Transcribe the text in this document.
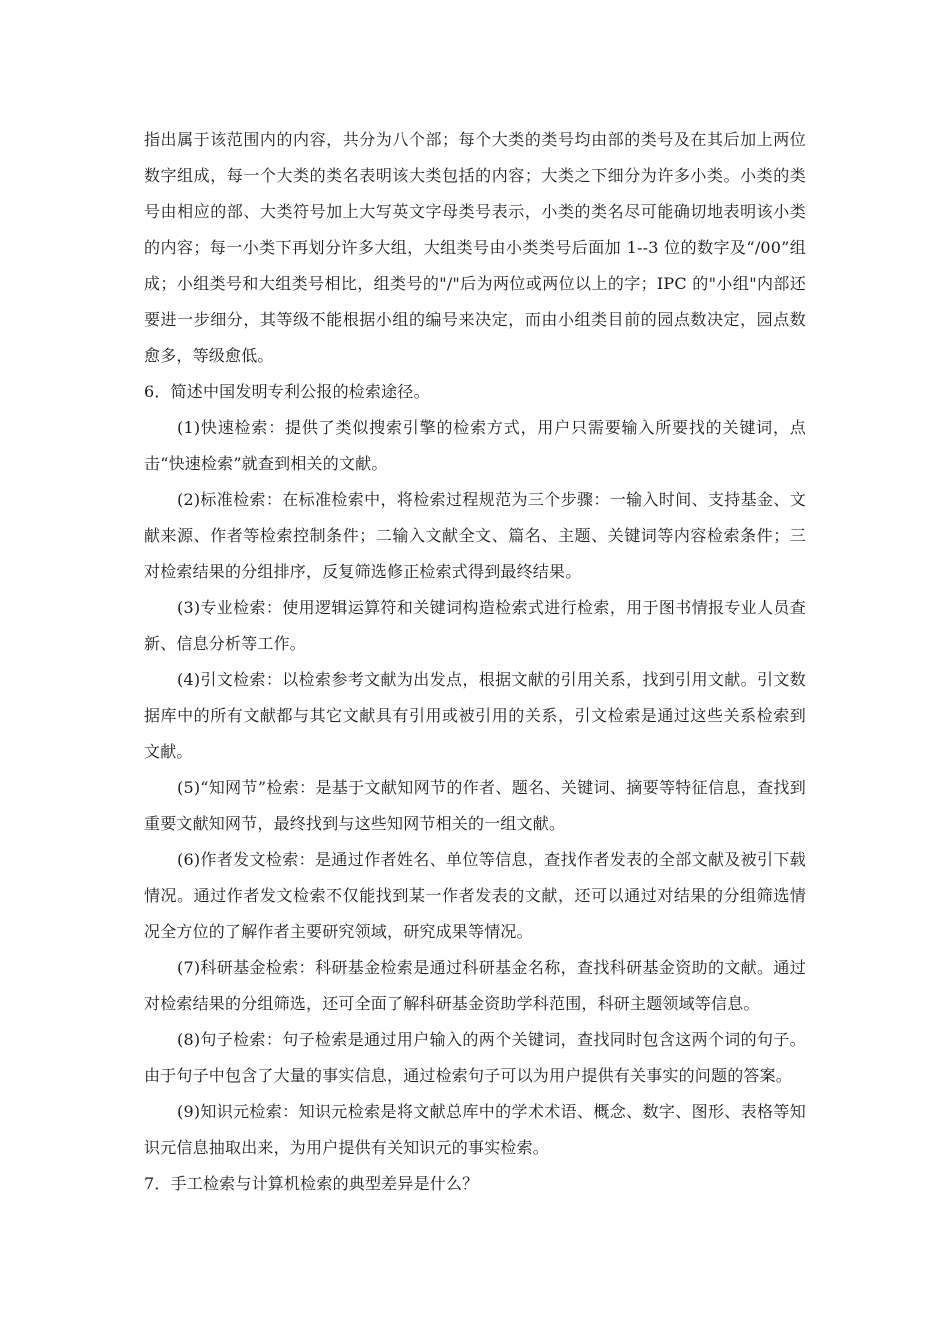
指出属于该范围内的内容，共分为八个部；每个大类的类号均由部的类号及在其后加上两位数字组成，每一个大类的类名表明该大类包括的内容；大类之下细分为许多小类。小类的类号由相应的部、大类符号加上大写英文字母类号表示，小类的类名尽可能确切地表明该小类的内容；每一小类下再划分许多大组，大组类号由小类类号后面加 1--3 位的数字及“/00”组成；小组类号和大组类号相比，组类号的"/"后为两位或两位以上的字；IPC 的"小组"内部还要进一步细分，其等级不能根据小组的编号来决定，而由小组类目前的园点数决定，园点数愈多，等级愈低。

6．简述中国发明专利公报的检索途径。

(1)快速检索：提供了类似搜索引擎的检索方式，用户只需要输入所要找的关键词，点击“快速检索”就查到相关的文献。

(2)标准检索：在标准检索中，将检索过程规范为三个步骤：一输入时间、支持基金、文献来源、作者等检索控制条件；二输入文献全文、篇名、主题、关键词等内容检索条件；三对检索结果的分组排序，反复筛选修正检索式得到最终结果。

(3)专业检索：使用逻辑运算符和关键词构造检索式进行检索，用于图书情报专业人员查新、信息分析等工作。

(4)引文检索：以检索参考文献为出发点，根据文献的引用关系，找到引用文献。引文数据库中的所有文献都与其它文献具有引用或被引用的关系，引文检索是通过这些关系检索到文献。

(5)“知网节”检索：是基于文献知网节的作者、题名、关键词、摘要等特征信息，查找到重要文献知网节，最终找到与这些知网节相关的一组文献。

(6)作者发文检索：是通过作者姓名、单位等信息，查找作者发表的全部文献及被引下载情况。通过作者发文检索不仅能找到某一作者发表的文献，还可以通过对结果的分组筛选情况全方位的了解作者主要研究领域，研究成果等情况。

(7)科研基金检索：科研基金检索是通过科研基金名称，查找科研基金资助的文献。通过对检索结果的分组筛选，还可全面了解科研基金资助学科范围，科研主题领域等信息。

(8)句子检索：句子检索是通过用户输入的两个关键词，查找同时包含这两个词的句子。由于句子中包含了大量的事实信息，通过检索句子可以为用户提供有关事实的问题的答案。

(9)知识元检索：知识元检索是将文献总库中的学术术语、概念、数字、图形、表格等知识元信息抽取出来，为用户提供有关知识元的事实检索。

7．手工检索与计算机检索的典型差异是什么？
